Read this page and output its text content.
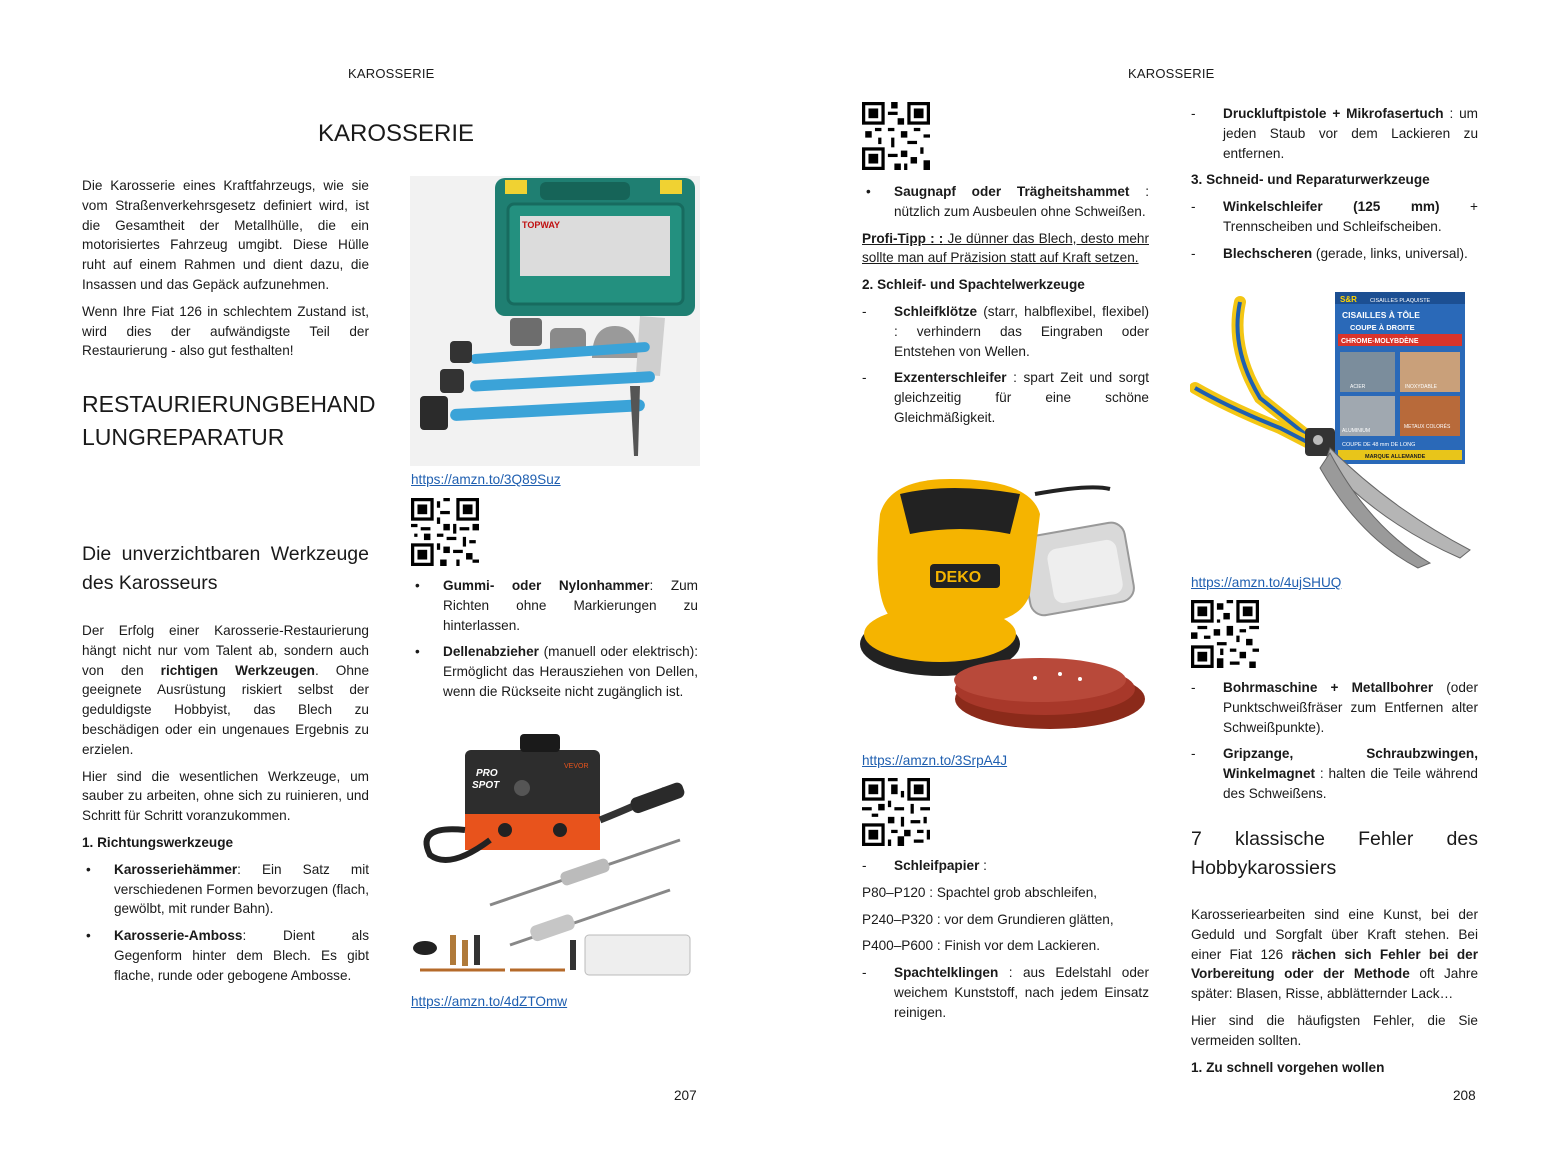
KAROSSERIE
KAROSSERIE

Die Karosserie eines Kraftfahrzeugs, wie sie vom Straßenverkehrsgesetz definiert wird, ist die Gesamtheit der Metallhülle, die ein motorisiertes Fahrzeug umgibt. Diese Hülle ruht auf einem Rahmen und dient dazu, die Insassen und das Gepäck aufzunehmen.

Wenn Ihre Fiat 126 in schlechtem Zustand ist, wird dies der aufwändigste Teil der Restaurierung - also gut festhalten!

RESTAURIERUNGBEHAND
LUNGREPARATUR
Die unverzichtbaren Werkzeuge
des Karosseurs

Der Erfolg einer Karosserie-Restaurierung hängt nicht nur vom Talent ab, sondern auch von den richtigen Werkzeugen. Ohne geeignete Ausrüstung riskiert selbst der geduldigste Hobbyist, das Blech zu beschädigen oder ein ungenaues Ergebnis zu erzielen.

Hier sind die wesentlichen Werkzeuge, um sauber zu arbeiten, ohne sich zu ruinieren, und Schritt für Schritt voranzukommen.

1. Richtungswerkzeuge
• Karosseriehämmer: Ein Satz mit verschiedenen Formen bevorzugen (flach, gewölbt, mit runder Bahn).
• Karosserie-Amboss: Dient als Gegenform hinter dem Blech. Es gibt flache, runde oder gebogene Ambosse.
TOPWAY
https://amzn.to/3Q89Suz
• Gummi- oder Nylonhammer: Zum Richten ohne Markierungen zu hinterlassen.
• Dellenabzieher (manuell oder elektrisch): Ermöglicht das Herausziehen von Dellen, wenn die Rückseite nicht zugänglich ist.
PRO
SPOT
VEVOR
https://amzn.to/4dZTOmw
207
KAROSSERIE
• Saugnapf oder Trägheitshammet : nützlich zum Ausbeulen ohne Schweißen.

Profi-Tipp : : Je dünner das Blech, desto mehr sollte man auf Präzision statt auf Kraft setzen.

2. Schleif- und Spachtelwerkzeuge
- Schleifklötze (starr, halbflexibel, flexibel) : verhindern das Eingraben oder Entstehen von Wellen.
- Exzenterschleifer : spart Zeit und sorgt gleichzeitig für eine schöne Gleichmäßigkeit.
DEKO
https://amzn.to/3SrpA4J
- Schleifpapier :

P80–P120 : Spachtel grob abschleifen,

P240–P320 : vor dem Grundieren glätten,

P400–P600 : Finish vor dem Lackieren.

- Spachtelklingen : aus Edelstahl oder weichem Kunststoff, nach jedem Einsatz reinigen.
- Druckluftpistole + Mikrofasertuch : um jeden Staub vor dem Lackieren zu entfernen.
3. Schneid- und Reparaturwerkzeuge
- Winkelschleifer (125 mm) + Trennscheiben und Schleifscheiben.
- Blechscheren (gerade, links, universal).
S&R CISAILLES PLAQUISTE
CISAILLES À TÔLE
COUPE À DROITE
CHROME-MOLYBDÈNE
ACIER	INOXYDABLE
ALUMINIUM
METAUX COLORÉS
COUPE DE 48 mm DE LONG
MARQUE ALLEMANDE
https://amzn.to/4ujSHUQ
- Bohrmaschine + Metallbohrer (oder Punktschweißfräser zum Entfernen alter Schweißpunkte).
- Gripzange, Schraubzwingen, Winkelmagnet : halten die Teile während des Schweißens.
7 klassische Fehler des
Hobbykarossiers

Karosseriearbeiten sind eine Kunst, bei der Geduld und Sorgfalt über Kraft stehen. Bei einer Fiat 126 rächen sich Fehler bei der Vorbereitung oder der Methode oft Jahre später: Blasen, Risse, abblätternder Lack…

Hier sind die häufigsten Fehler, die Sie vermeiden sollten.

1. Zu schnell vorgehen wollen
208
